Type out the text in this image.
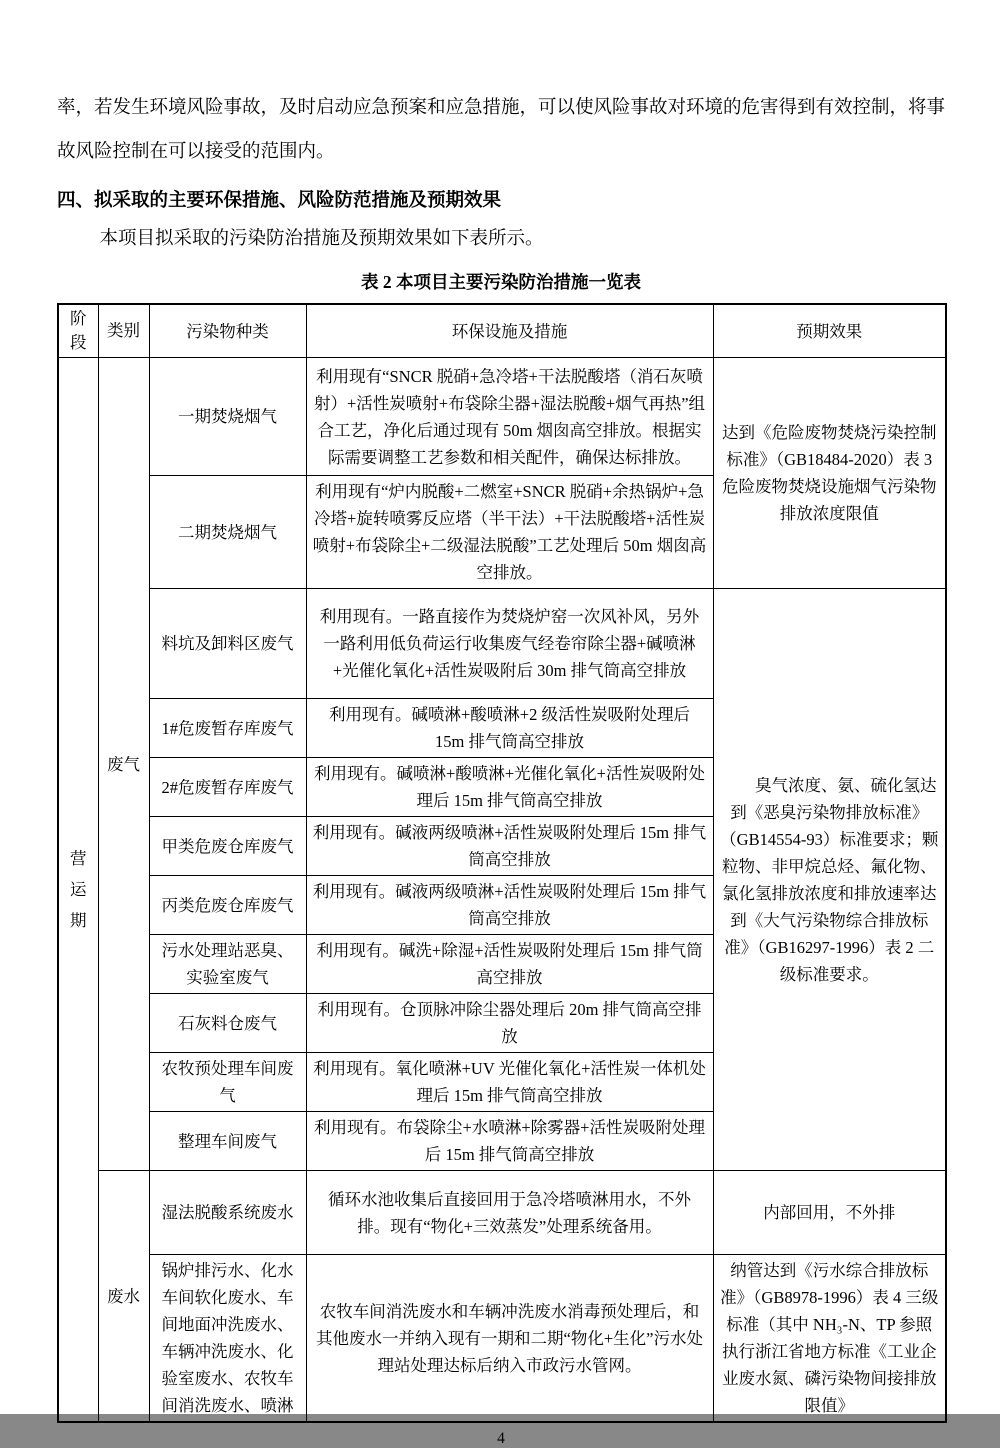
率，若发生环境风险事故，及时启动应急预案和应急措施，可以使风险事故对环境的危害得到有效控制，将事故风险控制在可以接受的范围内。

四、拟采取的主要环保措施、风险防范措施及预期效果

本项目拟采取的污染防治措施及预期效果如下表所示。

表 2 本项目主要污染防治措施一览表

阶段	类别	污染物种类	环保设施及措施	预期效果
营运期	废气	一期焚烧烟气	利用现有“SNCR 脱硝+急冷塔+干法脱酸塔（消石灰喷射）+活性炭喷射+布袋除尘器+湿法脱酸+烟气再热”组合工艺，净化后通过现有 50m 烟囱高空排放。根据实际需要调整工艺参数和相关配件，确保达标排放。	达到《危险废物焚烧污染控制标准》（GB18484-2020）表 3 危险废物焚烧设施烟气污染物排放浓度限值
		二期焚烧烟气	利用现有“炉内脱酸+二燃室+SNCR 脱硝+余热锅炉+急冷塔+旋转喷雾反应塔（半干法）+干法脱酸塔+活性炭喷射+布袋除尘+二级湿法脱酸”工艺处理后 50m 烟囱高空排放。	
		料坑及卸料区废气	利用现有。一路直接作为焚烧炉窑一次风补风，另外一路利用低负荷运行收集废气经卷帘除尘器+碱喷淋+光催化氧化+活性炭吸附后 30m 排气筒高空排放	臭气浓度、氨、硫化氢达到《恶臭污染物排放标准》（GB14554-93）标准要求；颗粒物、非甲烷总烃、氟化物、氯化氢排放浓度和排放速率达到《大气污染物综合排放标准》（GB16297-1996）表 2 二级标准要求。
		1#危废暂存库废气	利用现有。碱喷淋+酸喷淋+2 级活性炭吸附处理后 15m 排气筒高空排放	
		2#危废暂存库废气	利用现有。碱喷淋+酸喷淋+光催化氧化+活性炭吸附处理后 15m 排气筒高空排放	
		甲类危废仓库废气	利用现有。碱液两级喷淋+活性炭吸附处理后 15m 排气筒高空排放	
		丙类危废仓库废气	利用现有。碱液两级喷淋+活性炭吸附处理后 15m 排气筒高空排放	
		污水处理站恶臭、实验室废气	利用现有。碱洗+除湿+活性炭吸附处理后 15m 排气筒高空排放	
		石灰料仓废气	利用现有。仓顶脉冲除尘器处理后 20m 排气筒高空排放	
		农牧预处理车间废气	利用现有。氧化喷淋+UV 光催化氧化+活性炭一体机处理后 15m 排气筒高空排放	
		整理车间废气	利用现有。布袋除尘+水喷淋+除雾器+活性炭吸附处理后 15m 排气筒高空排放	
	废水	湿法脱酸系统废水	循环水池收集后直接回用于急冷塔喷淋用水，不外排。现有“物化+三效蒸发”处理系统备用。	内部回用，不外排
		锅炉排污水、化水车间软化废水、车间地面冲洗废水、车辆冲洗废水、化验室废水、农牧车间消洗废水、喷淋	农牧车间消洗废水和车辆冲洗废水消毒预处理后，和其他废水一并纳入现有一期和二期“物化+生化”污水处理站处理达标后纳入市政污水管网。	纳管达到《污水综合排放标准》（GB8978-1996）表 4 三级标准（其中 NH₃-N、TP 参照执行浙江省地方标准《工业企业废水氮、磷污染物间接排放限值》
4
